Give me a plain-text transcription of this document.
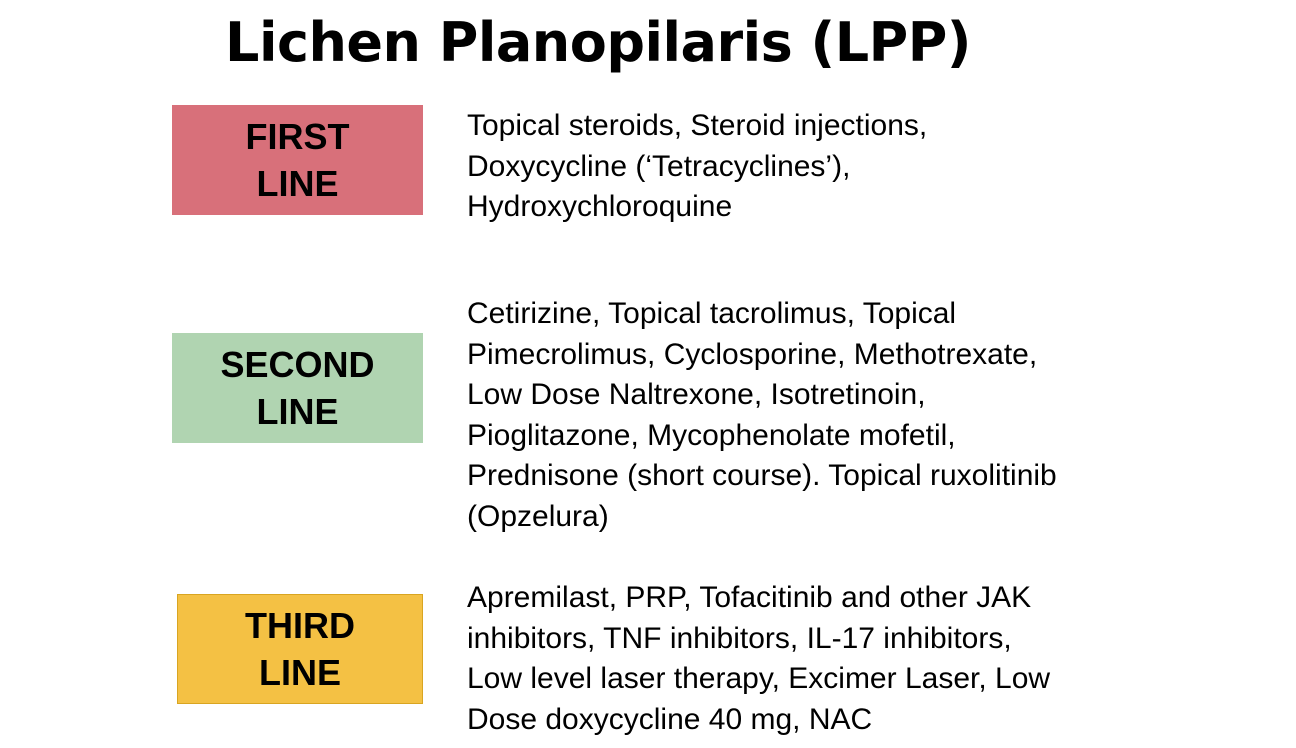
Lichen Planopilaris (LPP)
FIRST
LINE
Topical steroids, Steroid injections,
Doxycycline (‘Tetracyclines’),
Hydroxychloroquine
SECOND
LINE
Cetirizine, Topical tacrolimus, Topical
Pimecrolimus, Cyclosporine, Methotrexate,
Low Dose Naltrexone, Isotretinoin,
Pioglitazone, Mycophenolate mofetil,
Prednisone (short course). Topical ruxolitinib
(Opzelura)
THIRD
LINE
Apremilast, PRP, Tofacitinib and other JAK
inhibitors, TNF inhibitors, IL-17 inhibitors,
Low level laser therapy, Excimer Laser, Low
Dose doxycycline 40 mg, NAC
